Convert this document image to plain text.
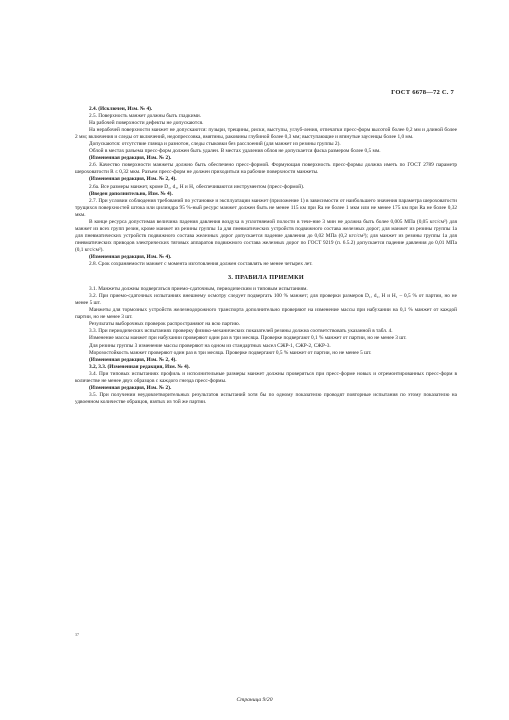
ГОСТ 6678—72 С. 7

2.4. (Исключен, Изм. № 4).

2.5. Поверхность манжет должны быть гладкими.

На рабочей поверхности дефекты не допускаются.

На нерабочей поверхности манжет не допускаются: пузыри, трещины, риски, выступы, углуб-ления, отпечатки пресс-форм высотой более 0,2 мм и длиной более 2 мм; включения и следы от включений, недопрессовка, вмятины, раковины глубиной более 0,3 мм; выступающие и втянутые заусенцы более 1,0 мм.

Допускаются: отсутствие глянца и разнотон, следы стыковки без расслоений (для манжет из резины группы 2).

Облой в местах разъема пресс-форм должен быть удален. В местах удаления облоя не допускается фаска размером более 0,5 мм.

(Измененная редакция, Изм. № 2).

2.6. Качество поверхности манжеты должно быть обеспечено пресс-формой. Формующая поверхность пресс-формы должна иметь по ГОСТ 2789 параметр шероховатости R ≤ 0,32 мкм. Разъем пресс-форм не должен приходиться на рабочие поверхности манжеты.

(Измененная редакция, Изм. № 2, 4).

2.6а. Все размеры манжет, кроме D₁, d₁, H и H₁ обеспечиваются инструментом (пресс-формой).

(Введен дополнительно, Изм. № 4).

2.7. При условии соблюдения требований по установке и эксплуатации манжет (приложение 1) в зависимости от наибольшего значения параметра шероховатости трущихся поверхностей штока или цилиндра 95 %-ный ресурс манжет должен быть не менее 115 км при Ra не более 1 мкм или не менее 175 км при Ra не более 0,32 мкм.

В конце ресурса допустимая величина падения давления воздуха в уплотняемой полости в тече-ние 3 мин не должна быть более 0,005 МПа (0,05 кгс/см²) для манжет из всех групп резин, кроме манжет из резины группы 1а для пневматических устройств подвижного состава железных дорог; для манжет из резины группы 1а для пневматических устройств подвижного состава железных дорог допускается падение давления до 0,02 МПа (0,2 кгс/см²); для манжет из резины группы 1а для пневматических приводов электрических тяговых аппаратов подвижного состава железных дорог по ГОСТ 9219 (п. 6.5.2) допускается падение давления до 0,01 МПа (0,1 кгс/см²).

(Измененная редакция, Изм. № 4).

2.8. Срок сохраняемости манжет с момента изготовления должен составлять не менее четырех лет.

3. ПРАВИЛА ПРИЕМКИ

3.1. Манжеты должны подвергаться приемо-сдаточным, периодическим и типовым испытаниям.

3.2. При приемо-сдаточных испытаниях внешнему осмотру следует подвергать 100 % манжет; для проверки размеров D₁, d₁, H и H₁ – 0,5 % от партии, но не менее 5 шт.

Манжеты для тормозных устройств железнодорожного транспорта дополнительно проверяют на изменение массы при набухании на 0,1 % манжет от каждой партии, но не менее 3 шт.

Результаты выборочных проверок распространяют на всю партию.

3.3. При периодических испытаниях проверку физико-механических показателей резины должна соответствовать указанной в табл. 4.

Изменение массы манжет при набухании проверяют один раз в три месяца. Проверке подвергают 0,1 % манжет от партии, но не менее 3 шт.

Для резины группы 3 изменение массы проверяют на одном из стандартных масел СЖР-1, СЖР-2, СЖР-3.

Морозостойкость манжет проверяют один раз в три месяца. Проверке подвергают 0,5 % манжет от партии, но не менее 5 шт.

(Измененная редакция, Изм. № 2, 4).

3.2, 3.3. (Измененная редакция, Изм. № 4).

3.4. При типовых испытаниях профиль и исполнительные размеры манжет должны проверяться при пресс-форме новых и отремонтированных пресс-форм в количестве не менее двух образцов с каждого гнезда пресс-формы.

(Измененная редакция, Изм. № 2).

3.5. При получении неудовлетворительных результатов испытаний хотя бы по одному показателю проводят повторные испытания по этому показателю на удвоенном количестве образцов, взятых из той же партии.

37
Страница 9/20
